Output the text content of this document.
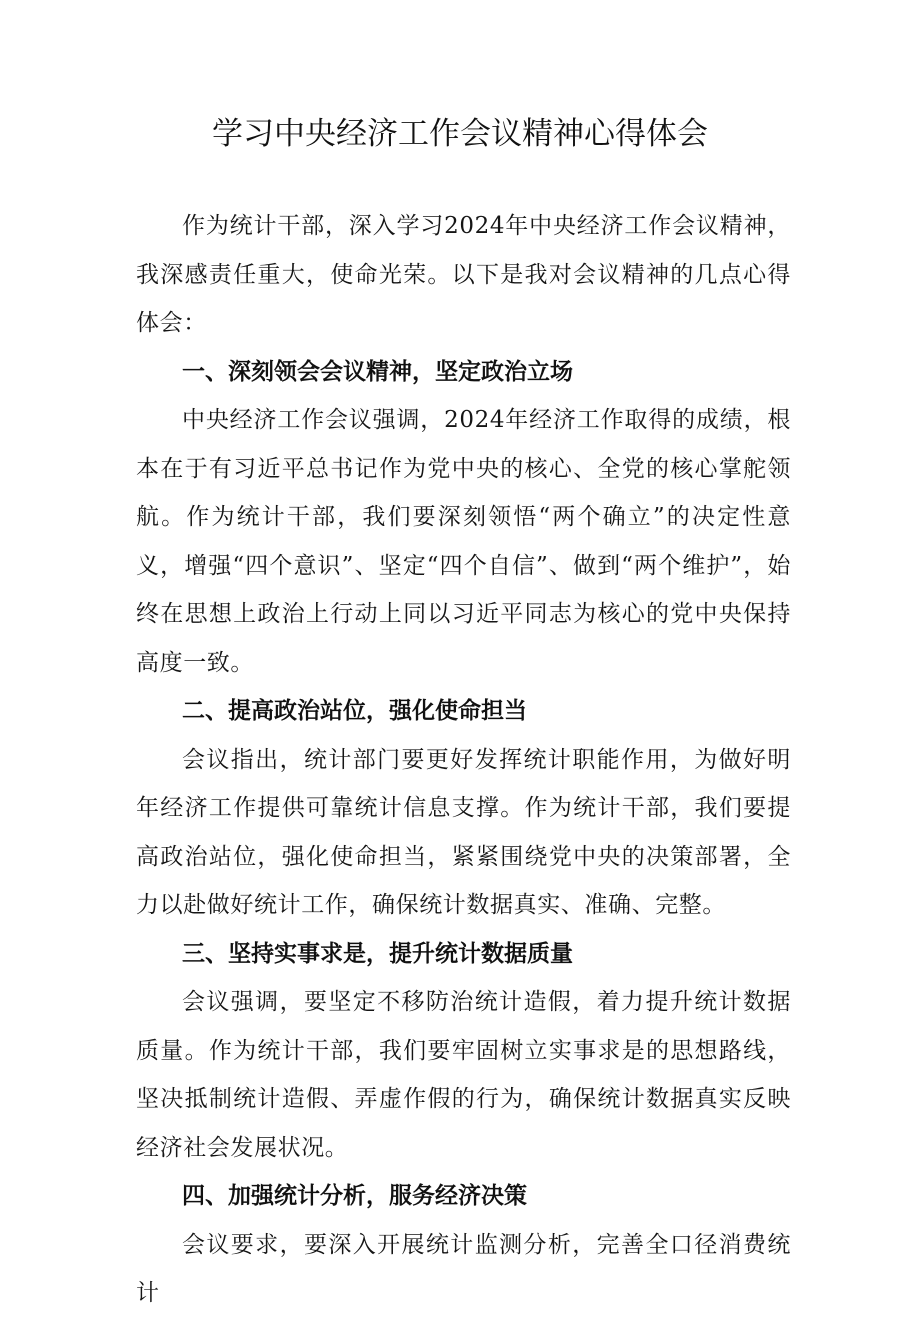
学习中央经济工作会议精神心得体会

作为统计干部，深入学习2024年中央经济工作会议精神，我深感责任重大，使命光荣。以下是我对会议精神的几点心得体会：

一、深刻领会会议精神，坚定政治立场

中央经济工作会议强调，2024年经济工作取得的成绩，根本在于有习近平总书记作为党中央的核心、全党的核心掌舵领航。作为统计干部，我们要深刻领悟“两个确立”的决定性意义，增强“四个意识”、坚定“四个自信”、做到“两个维护”，始终在思想上政治上行动上同以习近平同志为核心的党中央保持高度一致。

二、提高政治站位，强化使命担当

会议指出，统计部门要更好发挥统计职能作用，为做好明年经济工作提供可靠统计信息支撑。作为统计干部，我们要提高政治站位，强化使命担当，紧紧围绕党中央的决策部署，全力以赴做好统计工作，确保统计数据真实、准确、完整。

三、坚持实事求是，提升统计数据质量

会议强调，要坚定不移防治统计造假，着力提升统计数据质量。作为统计干部，我们要牢固树立实事求是的思想路线，坚决抵制统计造假、弄虚作假的行为，确保统计数据真实反映经济社会发展状况。

四、加强统计分析，服务经济决策

会议要求，要深入开展统计监测分析，完善全口径消费统计
